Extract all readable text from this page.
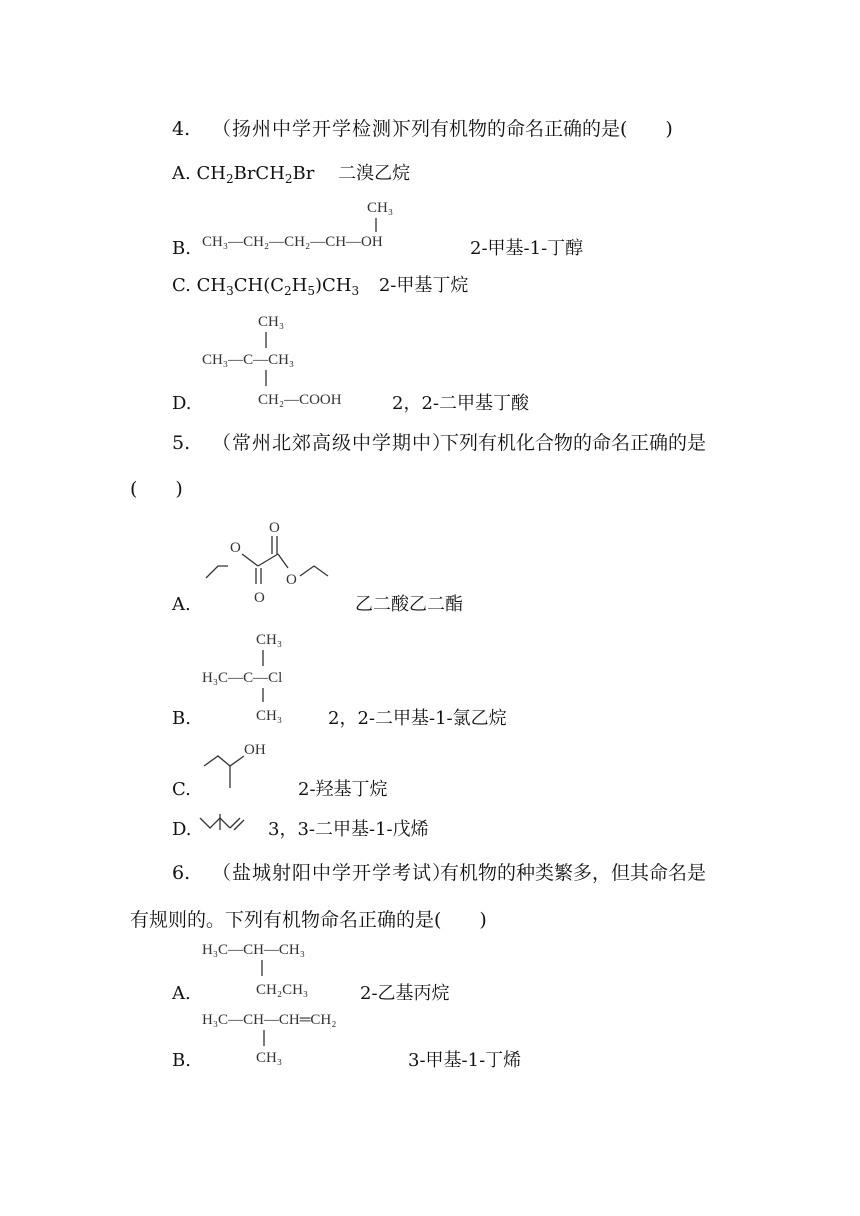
4. （扬州中学开学检测）
下列有机物的命名正确的是(　　)
A. $CH_2BrCH_2Br$ 二溴乙烷
B.
CH₃
CH₃—CH₂—CH₂—CH—OH	2-甲基-1-丁醇
C. $CH_3CH(C_2H_5)CH_3$ 2-甲基丁烷
D.
CH₃
CH₃—C—CH₃
CH₂—COOH	2，2-二甲基丁酸
5. （常州北郊高级中学期中）
下列有机化合物的命名正确的是
(　　)
A.
O
O
O
O
乙二酸乙二酯
B.
CH₃
H₃C—C—Cl
CH₃	2，2-二甲基-1-氯乙烷
C.
OH
2-羟基丁烷
D.	3，3-二甲基-1-戊烯
6. （盐城射阳中学开学考试）
有机物的种类繁多，但其命名是
有规则的。下列有机物命名正确的是(　　)
A.
H₃C—CH—CH₃
CH₂CH₃	2-乙基丙烷
B.
H₃C—CH—CH═CH₂
CH₃	3-甲基-1-丁烯
